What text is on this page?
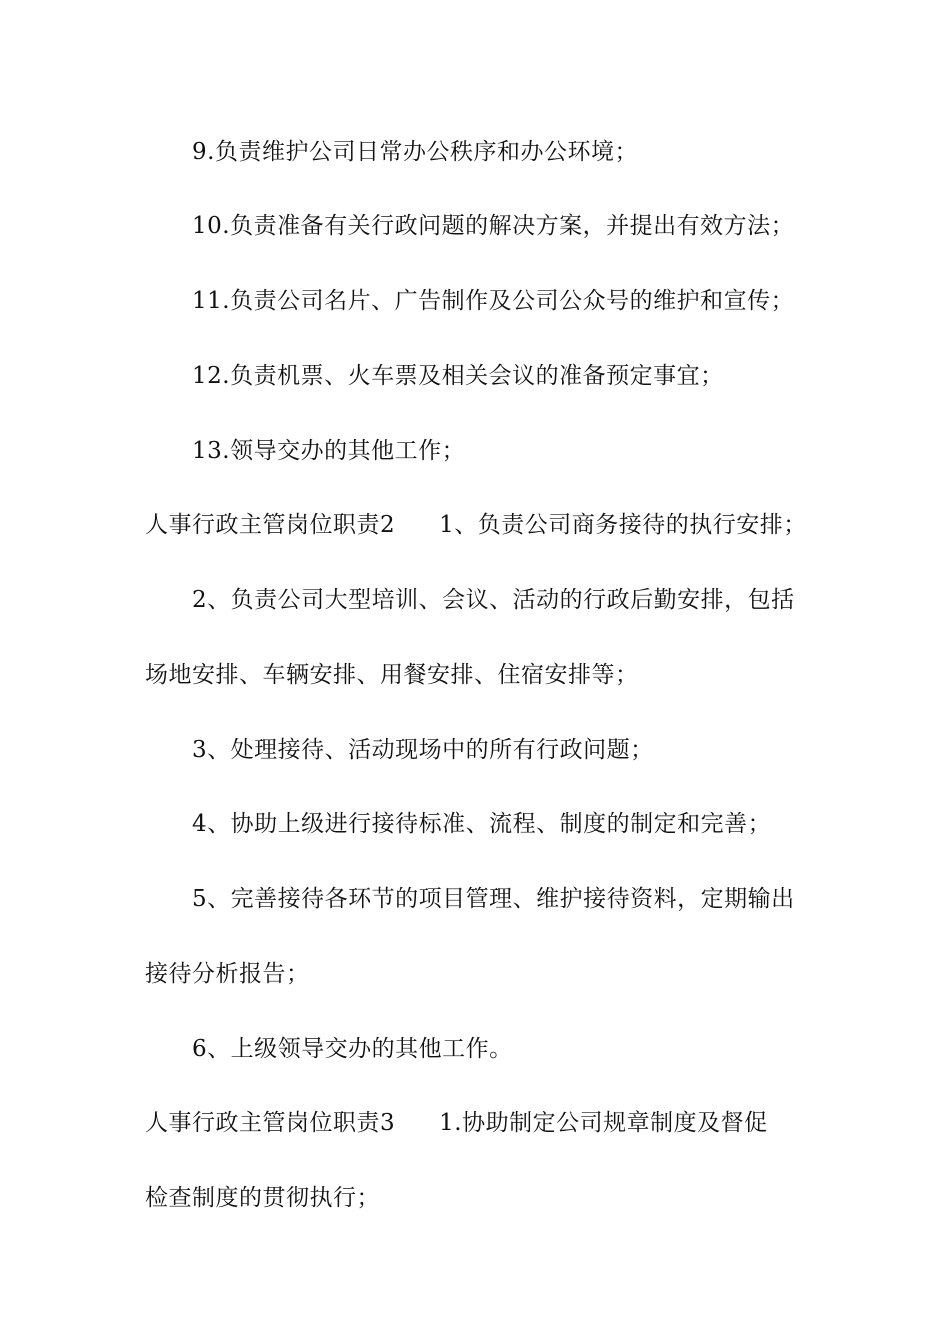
9.负责维护公司日常办公秩序和办公环境；
10.负责准备有关行政问题的解决方案，并提出有效方法；
11.负责公司名片、广告制作及公司公众号的维护和宣传；
12.负责机票、火车票及相关会议的准备预定事宜；
13.领导交办的其他工作；
人事行政主管岗位职责2 1、负责公司商务接待的执行安排；
2、负责公司大型培训、会议、活动的行政后勤安排，包括
场地安排、车辆安排、用餐安排、住宿安排等；
3、处理接待、活动现场中的所有行政问题；
4、协助上级进行接待标准、流程、制度的制定和完善；
5、完善接待各环节的项目管理、维护接待资料，定期输出
接待分析报告；
6、上级领导交办的其他工作。
人事行政主管岗位职责3 1.协助制定公司规章制度及督促
检查制度的贯彻执行；
